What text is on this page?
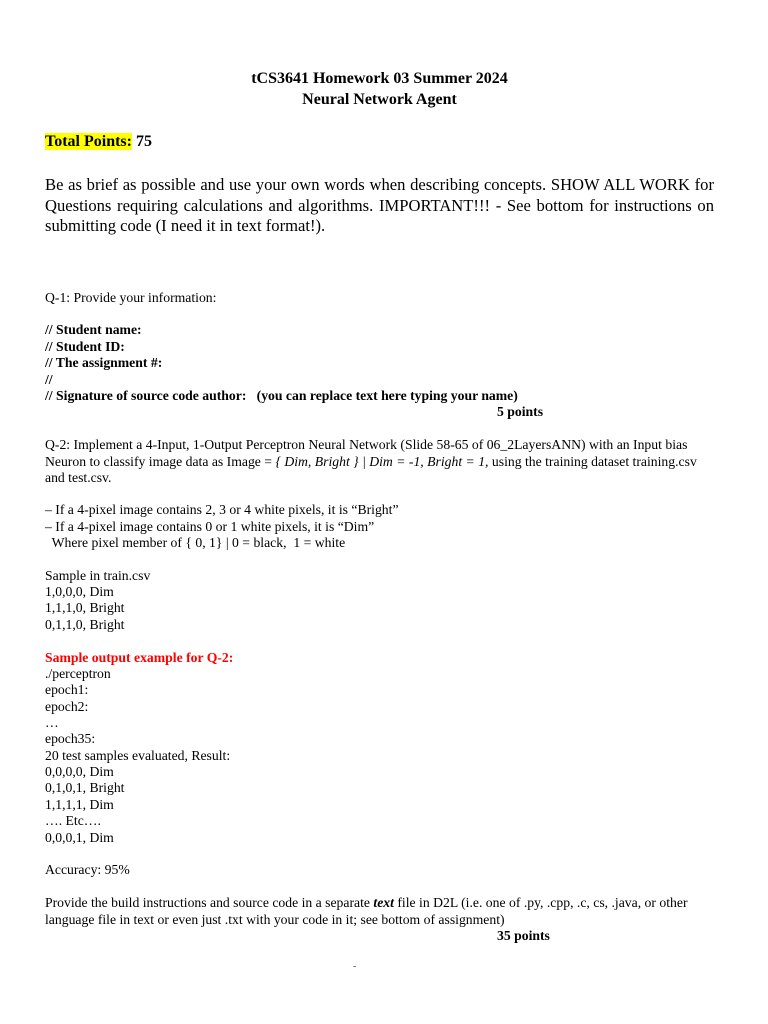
tCS3641 Homework 03 Summer 2024
Neural Network Agent
Total Points: 75
Be as brief as possible and use your own words when describing concepts. SHOW ALL WORK for Questions requiring calculations and algorithms. IMPORTANT!!! - See bottom for instructions on submitting code (I need it in text format!).
Q-1: Provide your information:
// Student name:
// Student ID:
// The assignment #:
//
// Signature of source code author:   (you can replace text here typing your name)
5 points
Q-2: Implement a 4-Input, 1-Output Perceptron Neural Network (Slide 58-65 of 06_2LayersANN) with an Input bias Neuron to classify image data as Image = { Dim, Bright } | Dim = -1, Bright = 1, using the training dataset training.csv and test.csv.
– If a 4-pixel image contains 2, 3 or 4 white pixels, it is “Bright”
– If a 4-pixel image contains 0 or 1 white pixels, it is “Dim”
Where pixel member of { 0, 1} | 0 = black,  1 = white
Sample in train.csv
1,0,0,0, Dim
1,1,1,0, Bright
0,1,1,0, Bright
Sample output example for Q-2:
./perceptron
epoch1:
epoch2:
…
epoch35:
20 test samples evaluated, Result:
0,0,0,0, Dim
0,1,0,1, Bright
1,1,1,1, Dim
…. Etc….
0,0,0,1, Dim
Accuracy: 95%
Provide the build instructions and source code in a separate text file in D2L (i.e. one of .py, .cpp, .c, cs, .java, or other language file in text or even just .txt with your code in it; see bottom of assignment)
35 points
-
